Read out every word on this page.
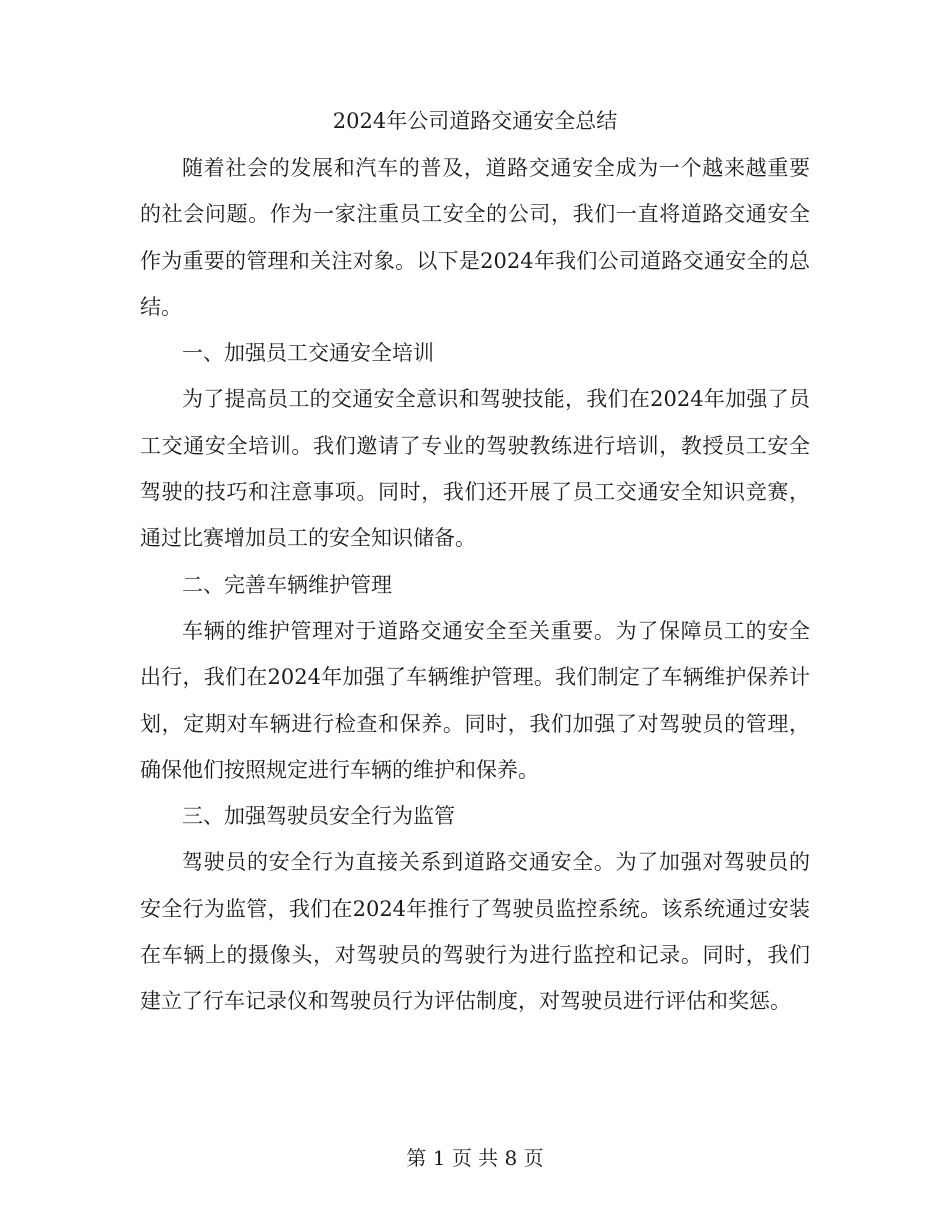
2024年公司道路交通安全总结

随着社会的发展和汽车的普及，道路交通安全成为一个越来越重要的社会问题。作为一家注重员工安全的公司，我们一直将道路交通安全作为重要的管理和关注对象。以下是2024年我们公司道路交通安全的总结。

一、加强员工交通安全培训

为了提高员工的交通安全意识和驾驶技能，我们在2024年加强了员工交通安全培训。我们邀请了专业的驾驶教练进行培训，教授员工安全驾驶的技巧和注意事项。同时，我们还开展了员工交通安全知识竞赛，通过比赛增加员工的安全知识储备。

二、完善车辆维护管理

车辆的维护管理对于道路交通安全至关重要。为了保障员工的安全出行，我们在2024年加强了车辆维护管理。我们制定了车辆维护保养计划，定期对车辆进行检查和保养。同时，我们加强了对驾驶员的管理，确保他们按照规定进行车辆的维护和保养。

三、加强驾驶员安全行为监管

驾驶员的安全行为直接关系到道路交通安全。为了加强对驾驶员的安全行为监管，我们在2024年推行了驾驶员监控系统。该系统通过安装在车辆上的摄像头，对驾驶员的驾驶行为进行监控和记录。同时，我们建立了行车记录仪和驾驶员行为评估制度，对驾驶员进行评估和奖惩。

第 1 页 共 8 页
